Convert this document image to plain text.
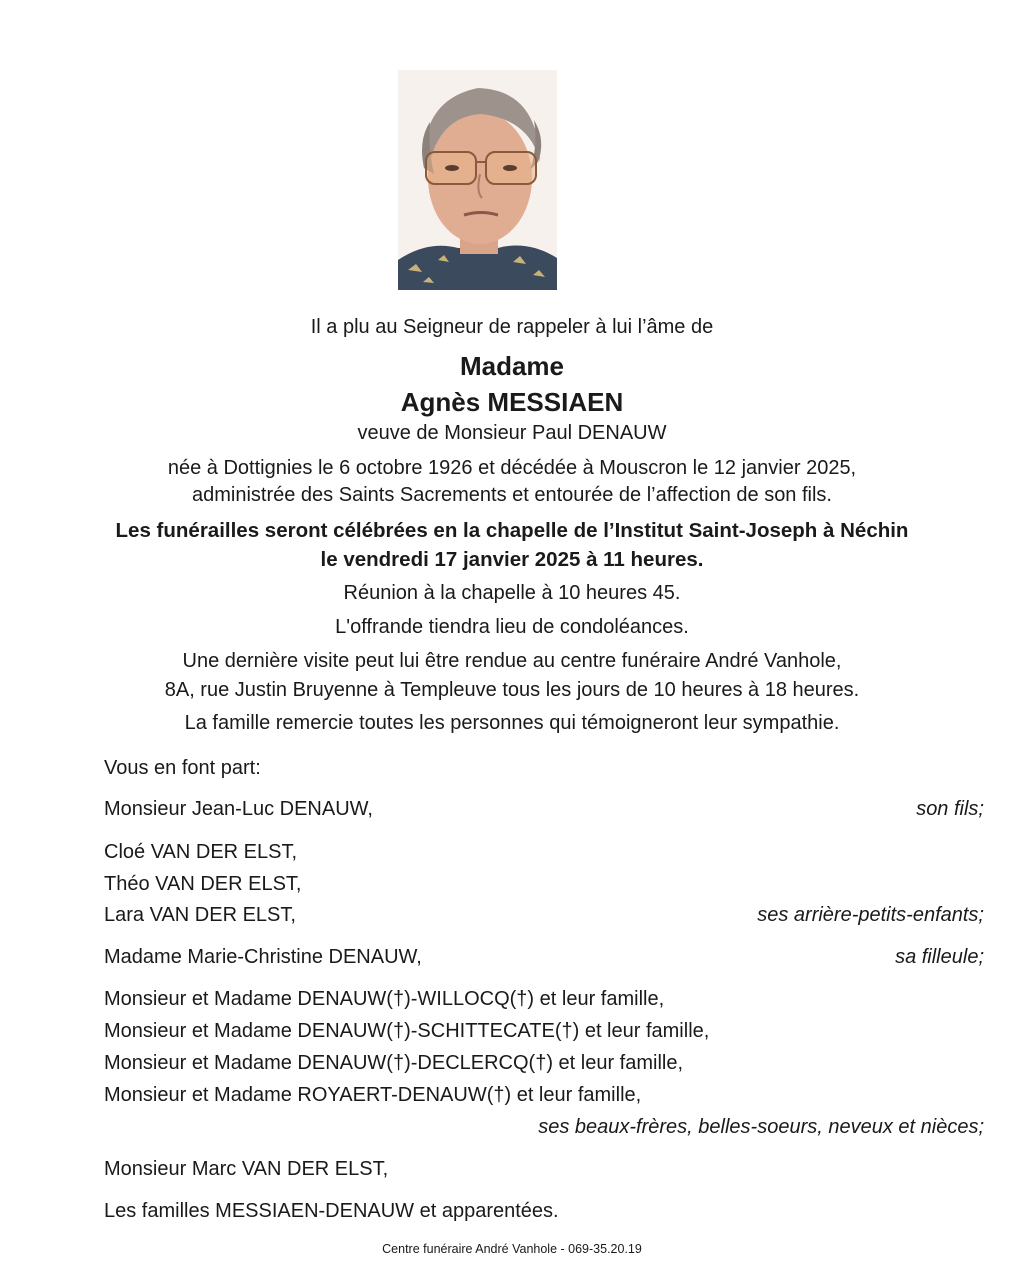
Il a plu au Seigneur de rappeler à lui l’âme de
Madame
Agnès MESSIAEN
veuve de Monsieur Paul DENAUW
née à Dottignies le 6 octobre 1926 et décédée à Mouscron le 12 janvier 2025,
administrée des Saints Sacrements et entourée de l’affection de son fils.
Les funérailles seront célébrées en la chapelle de l’Institut Saint-Joseph à Néchin
le vendredi 17 janvier 2025 à 11 heures.
Réunion à la chapelle à 10 heures 45.
L'offrande tiendra lieu de condoléances.
Une dernière visite peut lui être rendue au centre funéraire André Vanhole,
8A, rue Justin Bruyenne à Templeuve tous les jours de 10 heures à 18 heures.
La famille remercie toutes les personnes qui témoigneront leur sympathie.
Vous en font part:
Monsieur Jean-Luc DENAUW,	son fils;
Cloé VAN DER ELST,
Théo VAN DER ELST,
Lara VAN DER ELST,	ses arrière-petits-enfants;
Madame Marie-Christine DENAUW,	sa filleule;
Monsieur et Madame DENAUW(†)-WILLOCQ(†) et leur famille,
Monsieur et Madame DENAUW(†)-SCHITTECATE(†) et leur famille,
Monsieur et Madame DENAUW(†)-DECLERCQ(†) et leur famille,
Monsieur et Madame ROYAERT-DENAUW(†) et leur famille,
ses beaux-frères, belles-soeurs, neveux et nièces;
Monsieur Marc VAN DER ELST,
Les familles MESSIAEN-DENAUW et apparentées.
Centre funéraire André Vanhole - 069-35.20.19
